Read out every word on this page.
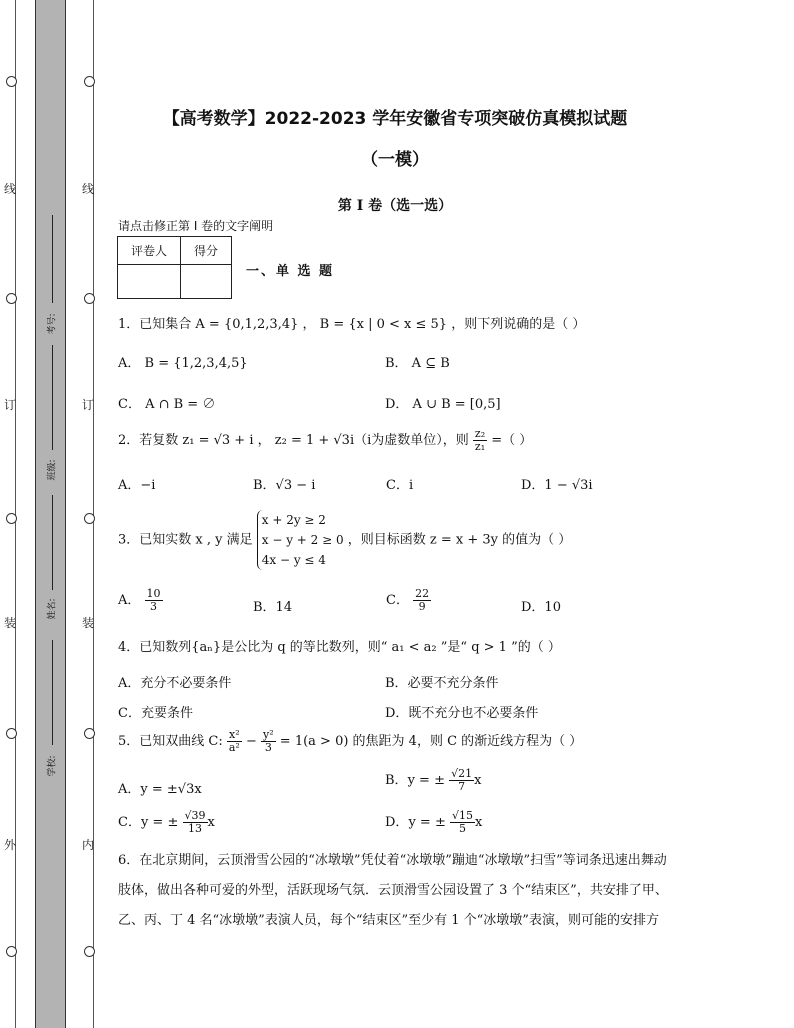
线
订
装
外
线
订
装
内
考号:
班级:
姓名:
学校:
【高考数学】2022-2023 学年安徽省专项突破仿真模拟试题
（一模）
第 I 卷（选一选）
请点击修正第 I 卷的文字阐明
评卷人	得分

一、单 选 题
1．已知集合 A = {0,1,2,3,4} ， B = {x | 0 < x ≤ 5} ，则下列说确的是（ ）
A． B = {1,2,3,4,5}	B． A ⊆ B
C． A ∩ B = ∅	D． A ∪ B = [0,5]
2．若复数 z₁ = √3 + i ， z₂ = 1 + √3i（i为虚数单位），则 $\frac{\text{z₂}}{\text{z₁}}$ =（ ）
A．−i	B．√3 − i	C．i	D．1 − √3i
3．已知实数 x , y 满足
x + 2y ≥ 2
x − y + 2 ≥ 0
4x − y ≤ 4
，则目标函数 z = x + 3y 的值为（ ）
A． $\frac{10}{3}$	B．14	C． $\frac{22}{9}$	D．10
4．已知数列{aₙ}是公比为 q 的等比数列，则“ a₁ < a₂ ”是“ q > 1 ”的（ ）
A．充分不必要条件	B．必要不充分条件
C．充要条件	D．既不充分也不必要条件
5．已知双曲线 C: $\frac{\text{x²}}{\text{a²}} - \frac{\text{y²}}{3} = 1(a > 0)$ 的焦距为 4，则 C 的渐近线方程为（ ）
A．y = ±√3x
B．y = ± $\frac{√21}{7}$ x
C．y = ± $\frac{√39}{13}$ x	D．y = ± $\frac{√15}{5}$ x
6．在北京期间，云顶滑雪公园的“冰墩墩”凭仗着“冰墩墩”蹦迪“冰墩墩”扫雪”等词条迅速出舞动
肢体，做出各种可爱的外型，活跃现场气氛．云顶滑雪公园设置了 3 个“结束区”，共安排了甲、
乙、丙、丁 4 名“冰墩墩”表演人员，每个“结束区”至少有 1 个“冰墩墩”表演，则可能的安排方
